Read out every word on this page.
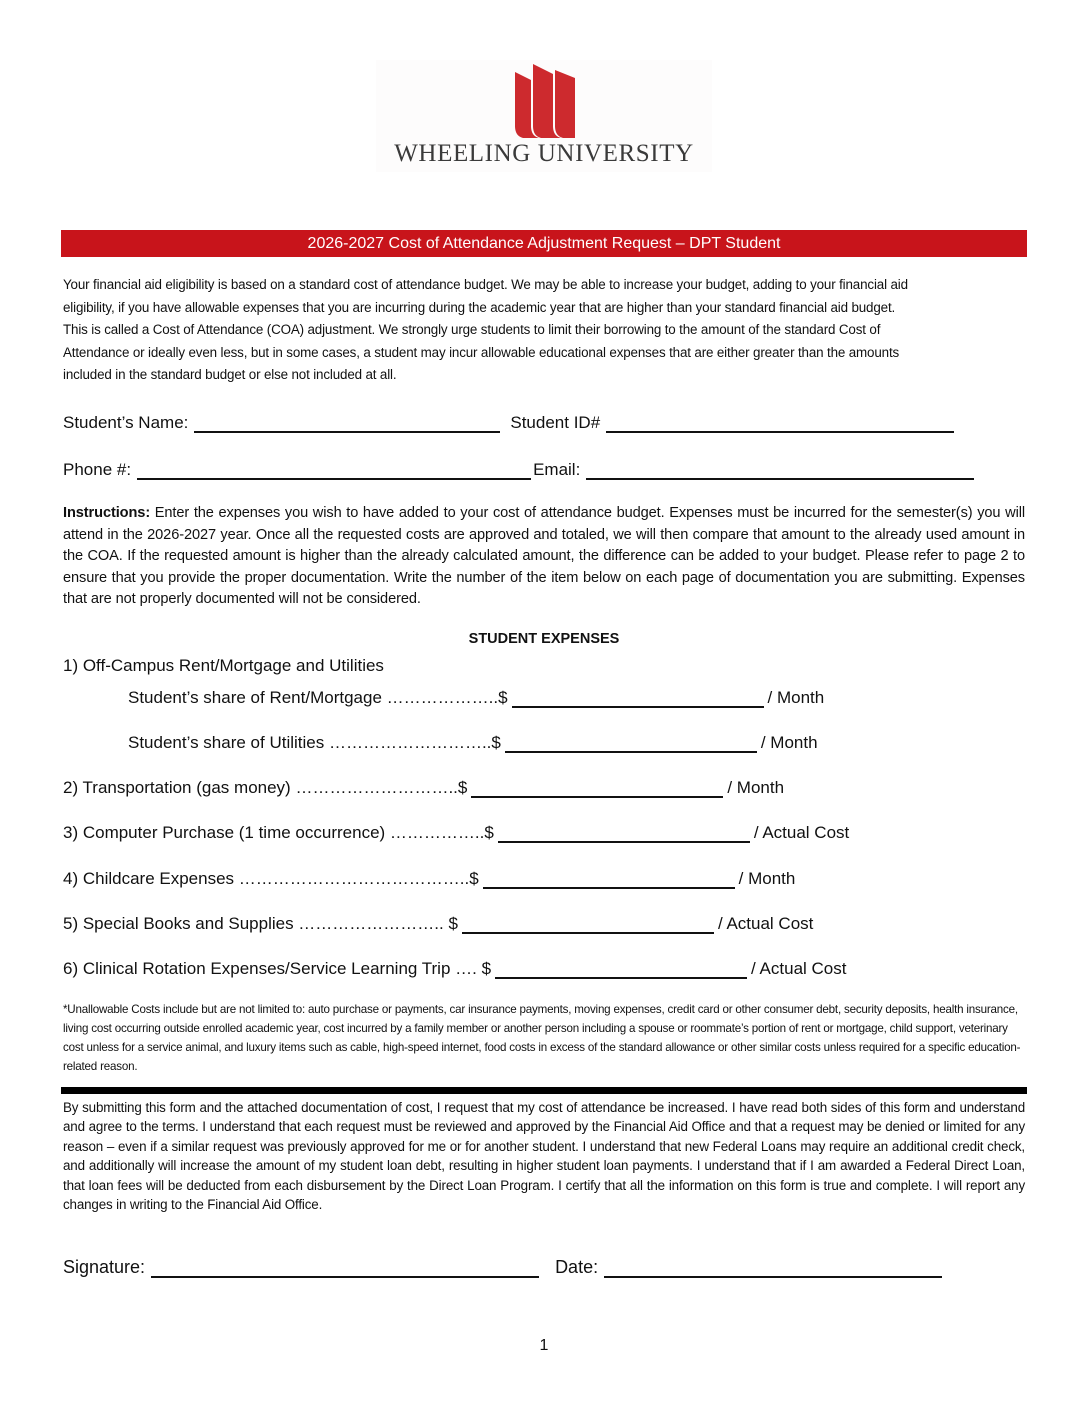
WHEELING UNIVERSITY
2026-2027 Cost of Attendance Adjustment Request – DPT Student
Your financial aid eligibility is based on a standard cost of attendance budget. We may be able to increase your budget, adding to your financial aid
eligibility, if you have allowable expenses that you are incurring during the academic year that are higher than your standard financial aid budget.
This is called a Cost of Attendance (COA) adjustment. We strongly urge students to limit their borrowing to the amount of the standard Cost of
Attendance or ideally even less, but in some cases, a student may incur allowable educational expenses that are either greater than the amounts
included in the standard budget or else not included at all.
Student’s Name:	Student ID#
Phone #:	Email:
Instructions: Enter the expenses you wish to have added to your cost of attendance budget. Expenses must be incurred for the semester(s) you will attend in the 2026-2027 year. Once all the requested costs are approved and totaled, we will then compare that amount to the already used amount in the COA. If the requested amount is higher than the already calculated amount, the difference can be added to your budget. Please refer to page 2 to ensure that you provide the proper documentation. Write the number of the item below on each page of documentation you are submitting. Expenses that are not properly documented will not be considered.
STUDENT EXPENSES
1) Off-Campus Rent/Mortgage and Utilities
Student’s share of Rent/Mortgage ………………..$	/ Month
Student’s share of Utilities ………………………..$	/ Month
2) Transportation (gas money) ………………………..$	/ Month
3) Computer Purchase (1 time occurrence) ……………..$	/ Actual Cost
4) Childcare Expenses …………………………………..$	/ Month
5) Special Books and Supplies …………………….. $	/ Actual Cost
6) Clinical Rotation Expenses/Service Learning Trip …. $	/ Actual Cost
*Unallowable Costs include but are not limited to: auto purchase or payments, car insurance payments, moving expenses, credit card or other consumer debt, security deposits, health insurance, living cost occurring outside enrolled academic year, cost incurred by a family member or another person including a spouse or roommate’s portion of rent or mortgage, child support, veterinary cost unless for a service animal, and luxury items such as cable, high-speed internet, food costs in excess of the standard allowance or other similar costs unless required for a specific education-related reason.
By submitting this form and the attached documentation of cost, I request that my cost of attendance be increased. I have read both sides of this form and understand and agree to the terms. I understand that each request must be reviewed and approved by the Financial Aid Office and that a request may be denied or limited for any reason – even if a similar request was previously approved for me or for another student. I understand that new Federal Loans may require an additional credit check, and additionally will increase the amount of my student loan debt, resulting in higher student loan payments. I understand that if I am awarded a Federal Direct Loan, that loan fees will be deducted from each disbursement by the Direct Loan Program. I certify that all the information on this form is true and complete. I will report any changes in writing to the Financial Aid Office.
Signature:	Date:
1
